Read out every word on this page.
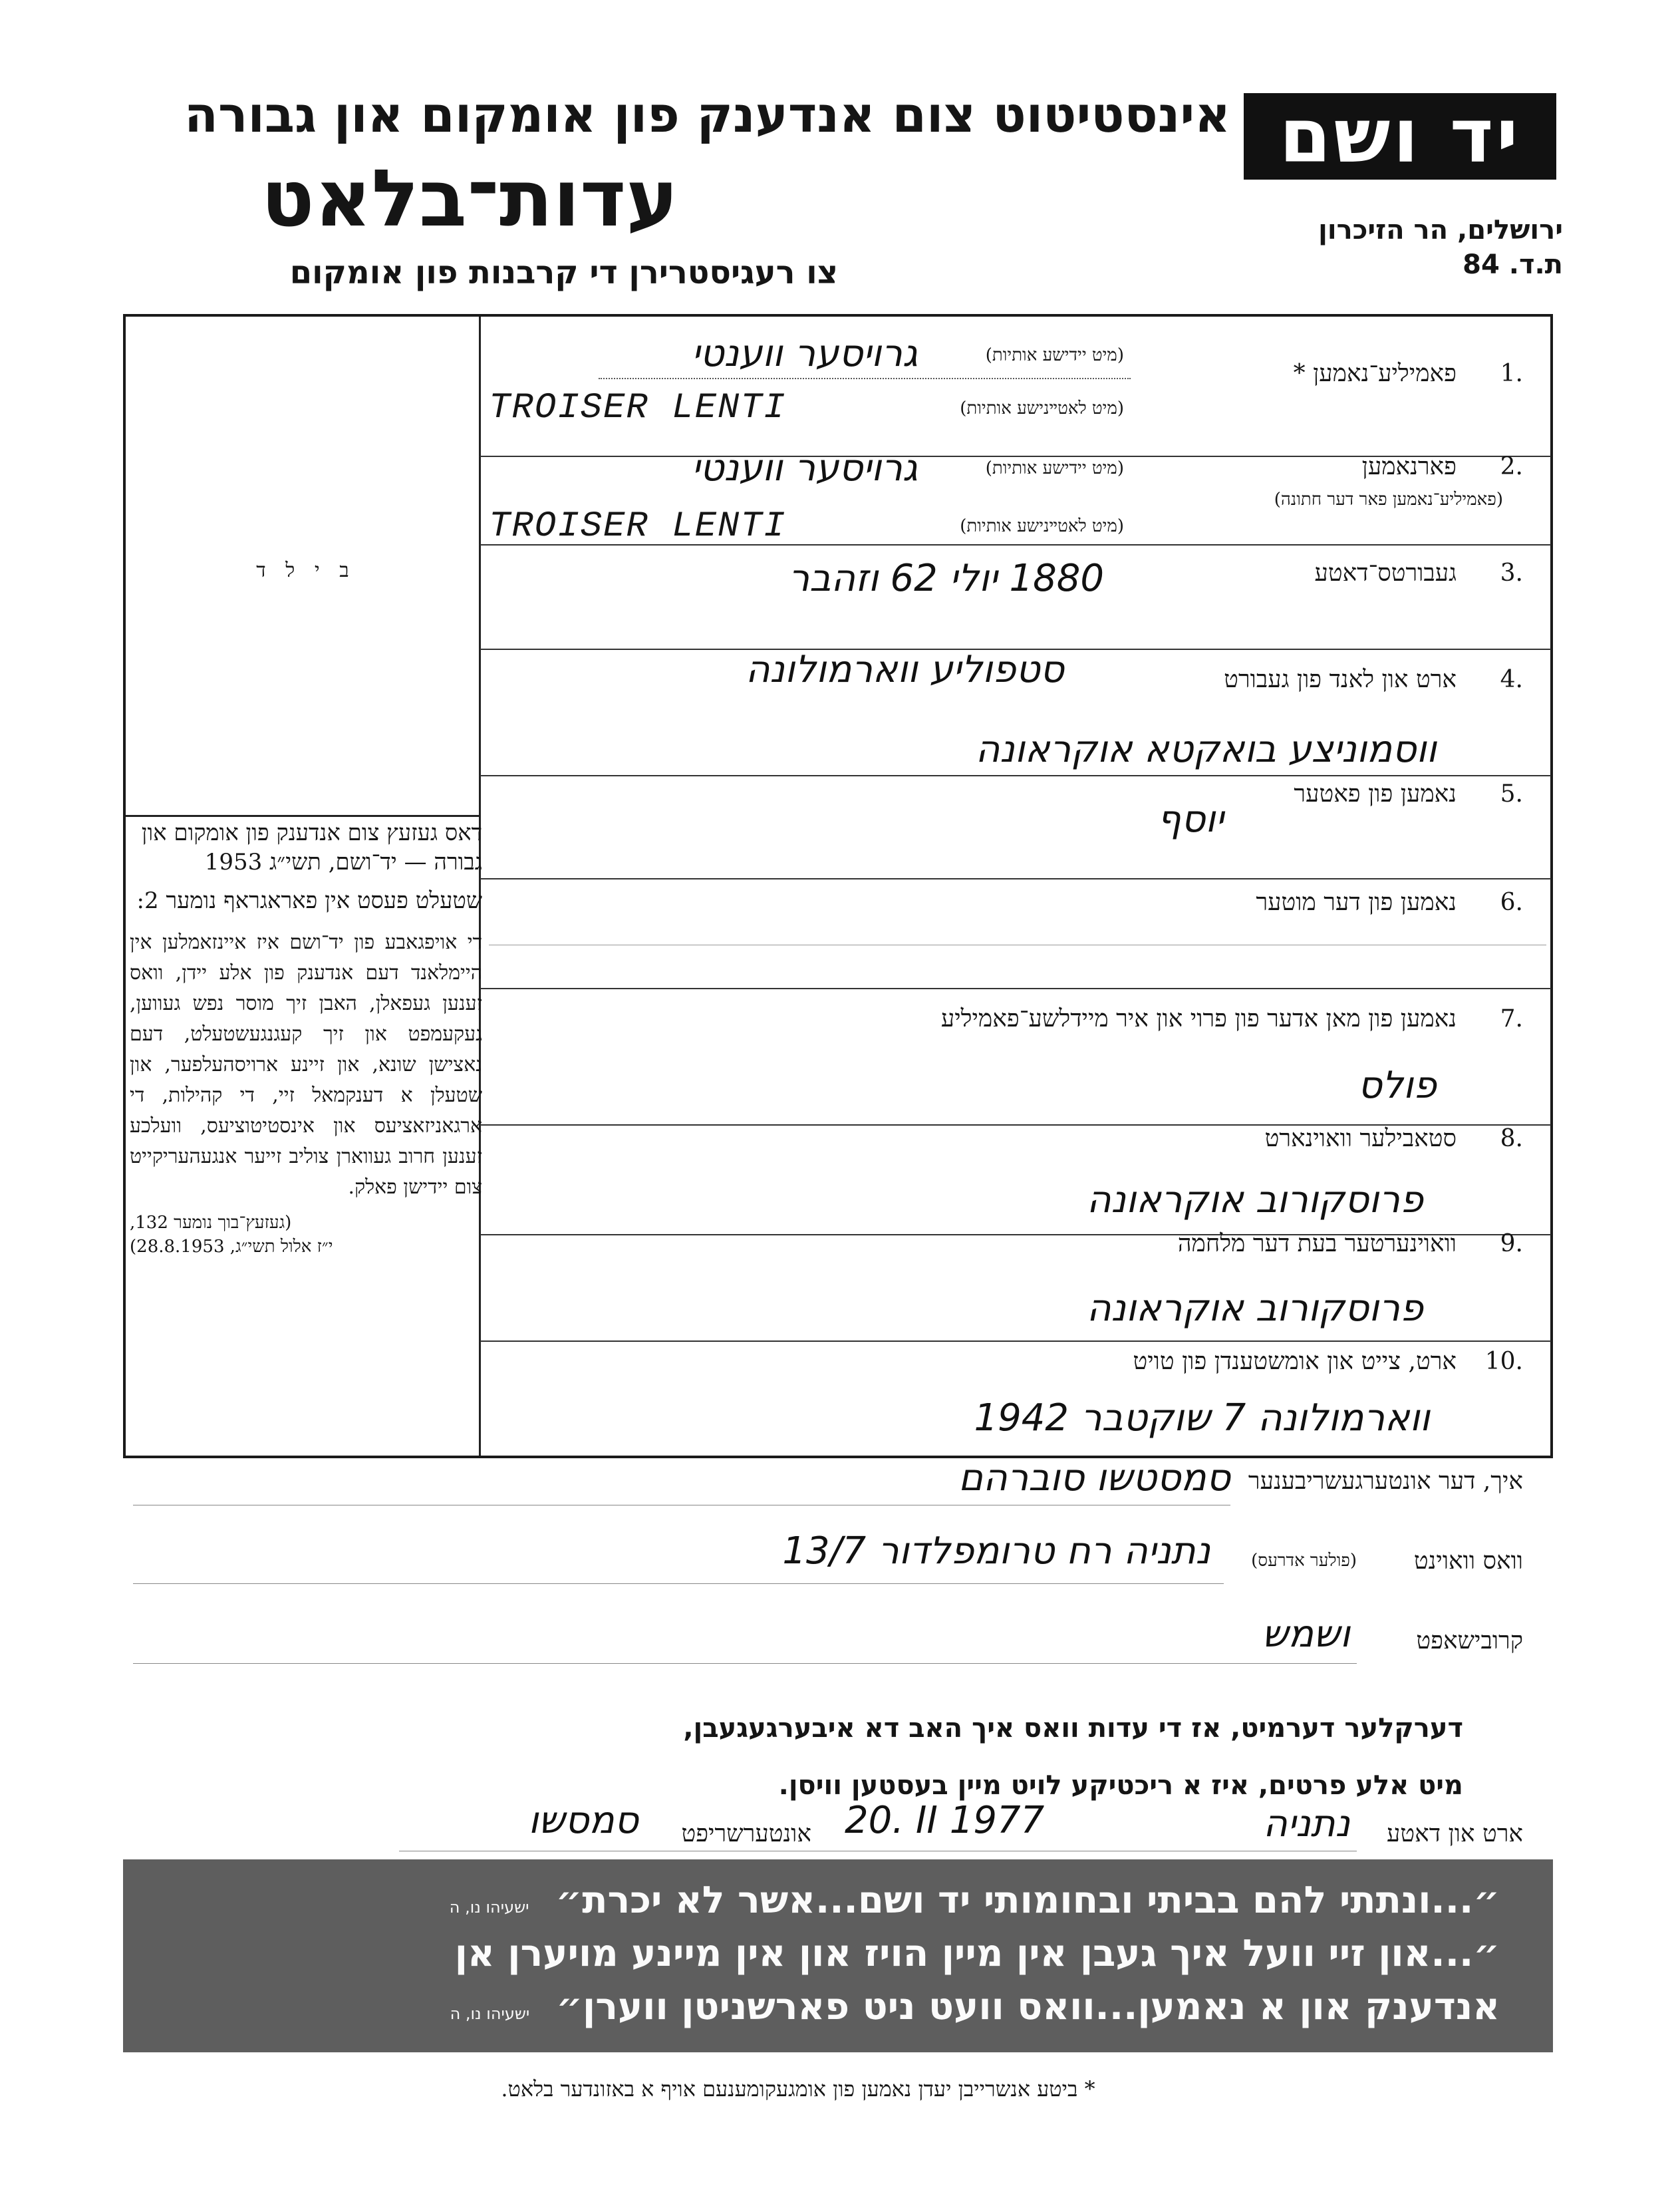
יד ושם
ירושלים, הר הזיכרון
ת.ד. 84
אינסטיטוט צום אנדענק פון אומקום און גבורה
עדות־בלאט
צו רעגיסטרירן די קרבנות פון אומקום
ב י ל ד
1.
פאמיליע־נאמען *
(מיט יידישע אותיות)
גרויסער ווענטי
(מיט לאטײנישע אותיות)
TROISER LENTI
2.
פארנאמען
(פאמיליע־נאמען פאר דער חתונה)
(מיט יידישע אותיות)
גרויסער ווענטי
(מיט לאטײנישע אותיות)
TROISER LENTI
3.
געבורטס־דאטע
1880 יולי 62 וזהבר
4.
ארט און לאנד פון געבורט
סטפוליע ווארמולונה
ווסמוניצע בואקטא אוקראונה
5.
נאמען פון פאטער
יוסף
6.
נאמען פון דער מוטער
7.
נאמען פון מאן אדער פון פרוי און איר מיידלשע־פאמיליע
פולס
8.
סטאבילער וואוינארט
פרוסקורוב אוקראונה
9.
וואוינערטער בעת דער מלחמה
פרוסקורוב אוקראונה
10.
ארט, צייט און אומשטענדן פון טויט
ווארמולונה 7 שוקטבר 1942
דאס געזעץ צום אנדענק פון אומקום און גבורה — יד־ושם, תשי״ג 1953
שטעלט פעסט אין פאראגראף נומער 2:
די אויפגאבע פון יד־ושם איז איינזאמלען אין היימלאנד דעם אנדענק פון אלע יידן, וואס זענען געפאלן, האבן זיך מוסר נפש געווען, געקעמפט און זיך קעגנגעשטעלט, דעם נאצישן שונא, און זיינע ארויסהעלפער, און שטעלן א דענקמאל זיי, די קהילות, די ארגאניזאציעס און אינסטיטוציעס, וועלכע זענען חרוב געווארן צוליב זייער אנגעהעריקייט צום יידישן פאלק.
(געזעץ־בוך נומער 132,
י״ז אלול תשי״ג, 28.8.1953)
איך, דער אונטערגעשריבענער
סמסטשו סוברהם
וואס וואוינט
(פולער אדרעס)
נתניה רח טרומפלדור 13/7
קרובישאפט
ושמש
דערקלער דערמיט, אז די עדות וואס איך האב דא איבערגעגעבן,
מיט אלע פרטים, איז א ריכטיקע לויט מיין בעסטען וויסן.
ארט און דאטע
נתניה
20. II 1977
אונטערשריפט
סמסשו
״...ונתתי להם בביתי ובחומותי יד ושם...אשר לא יכרת״ישעיהו נו, ה
״...און זיי וועל איך געבן אין מיין הויז און אין מיינע מויערן אן
אנדענק און א נאמען...וואס וועט ניט פארשניטן ווערן״ישעיהו נו, ה
* ביטע אנשרייבן יעדן נאמען פון אומגעקומענעם אויף א באזונדער בלאט.
